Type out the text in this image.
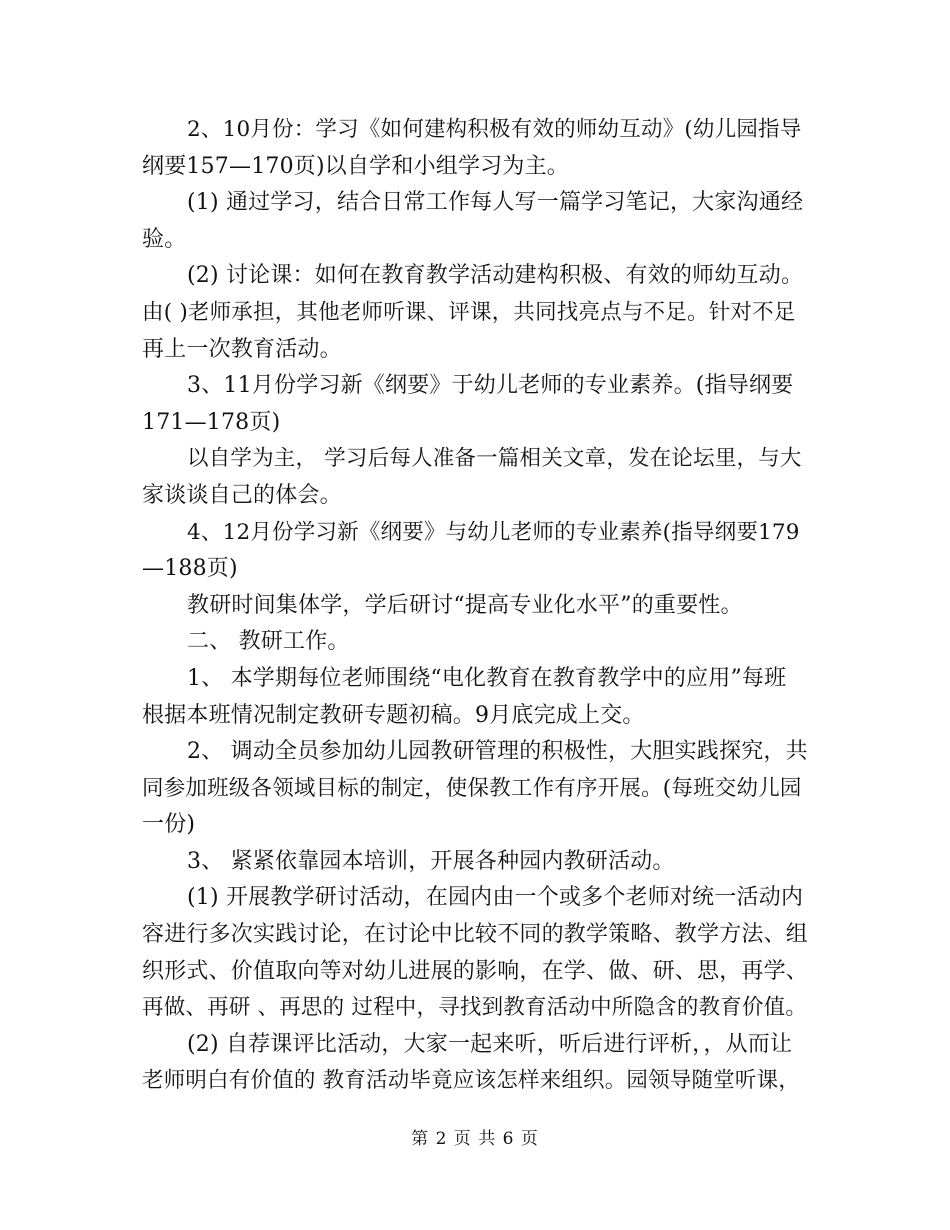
2、10月份：学习《如何建构积极有效的师幼互动》(幼儿园指导
纲要157—170页)以自学和小组学习为主。
(1) 通过学习，结合日常工作每人写一篇学习笔记，大家沟通经
验。
(2) 讨论课：如何在教育教学活动建构积极、有效的师幼互动。
由( )老师承担，其他老师听课、评课，共同找亮点与不足。针对不足
再上一次教育活动。
3、11月份学习新《纲要》于幼儿老师的专业素养。(指导纲要
171—178页)
以自学为主， 学习后每人准备一篇相关文章，发在论坛里，与大
家谈谈自己的体会。
4、12月份学习新《纲要》与幼儿老师的专业素养(指导纲要179
—188页)
教研时间集体学，学后研讨“提高专业化水平”的重要性。
二、 教研工作。
1、 本学期每位老师围绕“电化教育在教育教学中的应用”每班
根据本班情况制定教研专题初稿。9月底完成上交。
2、 调动全员参加幼儿园教研管理的积极性，大胆实践探究，共
同参加班级各领域目标的制定，使保教工作有序开展。(每班交幼儿园
一份)
3、 紧紧依靠园本培训，开展各种园内教研活动。
(1) 开展教学研讨活动，在园内由一个或多个老师对统一活动内
容进行多次实践讨论，在讨论中比较不同的教学策略、教学方法、组
织形式、价值取向等对幼儿进展的影响，在学、做、研、思，再学、
再做、再研 、再思的 过程中，寻找到教育活动中所隐含的教育价值。
(2) 自荐课评比活动，大家一起来听，听后进行评析，，从而让
老师明白有价值的 教育活动毕竟应该怎样来组织。园领导随堂听课，
第 2 页 共 6 页
